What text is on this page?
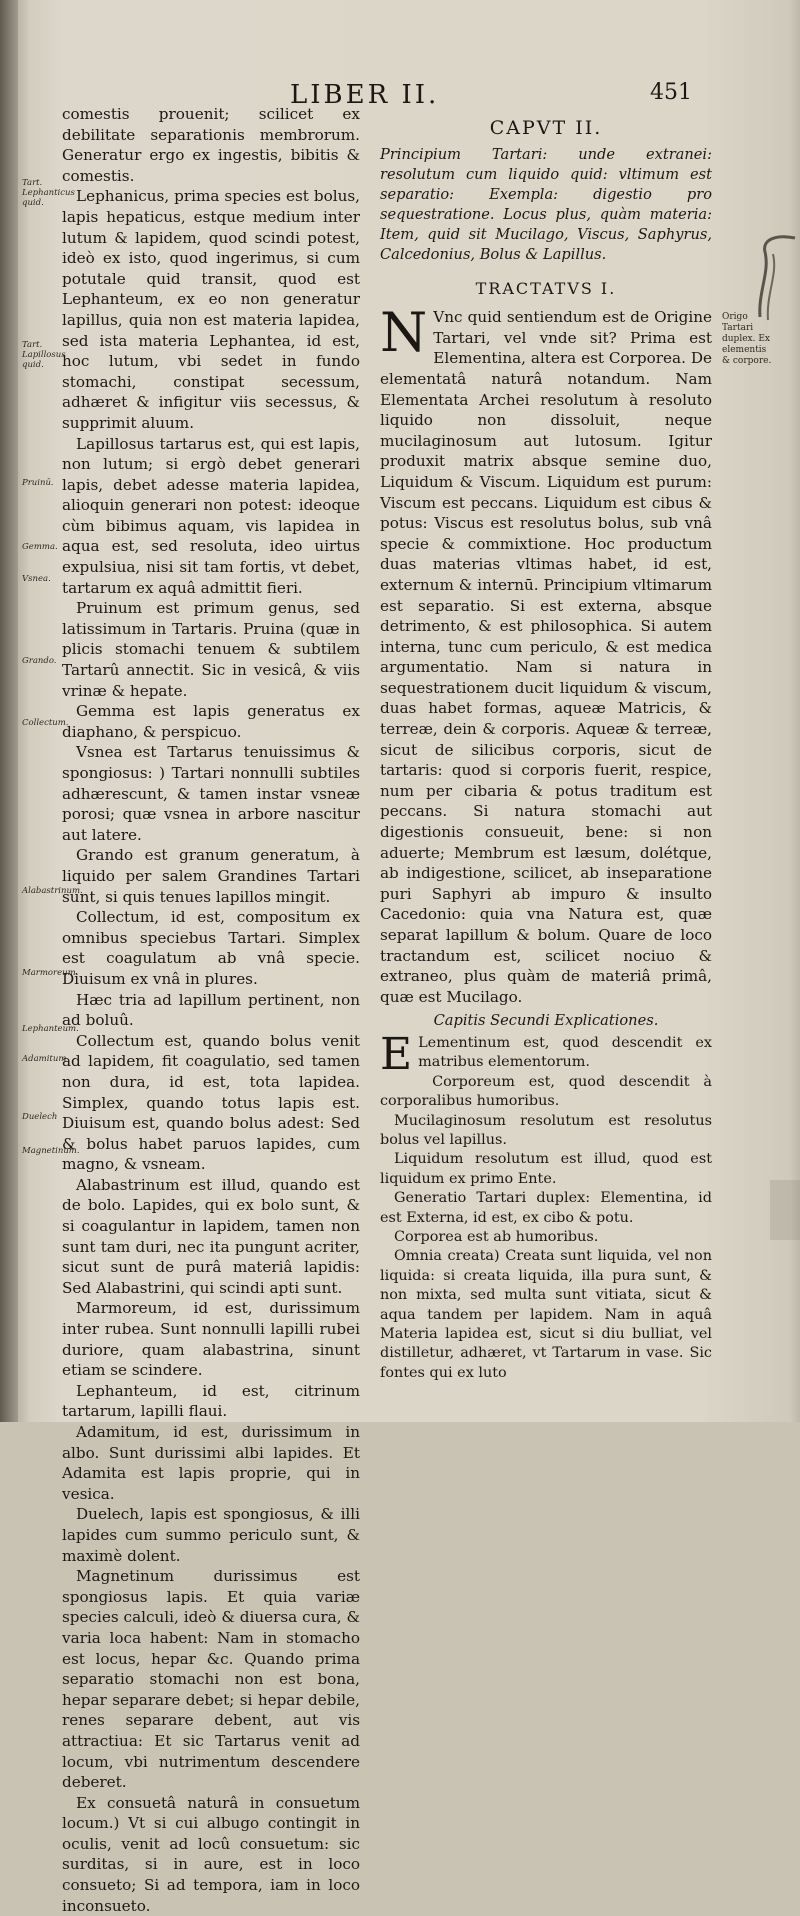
LIBER II.	451
Tart. Lephanticus quid.
Tart. Lapillosus quid.
Pruinū.
Gemma.
Vsnea.
Grando.
Collectum.
Alabastrinum.
Marmoreum.
Lephanteum.
Adamitum
Duelech
Magnetinum.

comestis prouenit; scilicet ex debilitate separationis membrorum. Generatur ergo ex ingestis, bibitis & comestis.

Lephanicus, prima species est bolus, lapis hepaticus, estque medium inter lutum & lapidem, quod scindi potest, ideò ex isto, quod ingerimus, si cum potutale quid transit, quod est Lephanteum, ex eo non generatur lapillus, quia non est materia lapidea, sed ista materia Lephantea, id est, hoc lutum, vbi sedet in fundo stomachi, constipat secessum, adhæret & infigitur viis secessus, & supprimit aluum.

Lapillosus tartarus est, qui est lapis, non lutum; si ergò debet generari lapis, debet adesse materia lapidea, alioquin generari non potest: ideoque cùm bibimus aquam, vis lapidea in aqua est, sed resoluta, ideo uirtus expulsiua, nisi sit tam fortis, vt debet, tartarum ex aquâ admittit fieri.

Pruinum est primum genus, sed latissimum in Tartaris. Pruina (quæ in plicis stomachi tenuem & subtilem Tartarû annectit. Sic in vesicâ, & viis vrinæ & hepate.

Gemma est lapis generatus ex diaphano, & perspicuo.

Vsnea est Tartarus tenuissimus & spongiosus: ) Tartari nonnulli subtiles adhærescunt, & tamen instar vsneæ porosi; quæ vsnea in arbore nascitur aut latere.

Grando est granum generatum, à liquido per salem Grandines Tartari sunt, si quis tenues lapillos mingit.

Collectum, id est, compositum ex omnibus speciebus Tartari. Simplex est coagulatum ab vnâ specie. Diuisum ex vnâ in plures.

Hæc tria ad lapillum pertinent, non ad boluû.

Collectum est, quando bolus venit ad lapidem, fit coagulatio, sed tamen non dura, id est, tota lapidea. Simplex, quando totus lapis est. Diuisum est, quando bolus adest: Sed & bolus habet paruos lapides, cum magno, & vsneam.

Alabastrinum est illud, quando est de bolo. Lapides, qui ex bolo sunt, & si coagulantur in lapidem, tamen non sunt tam duri, nec ita pungunt acriter, sicut sunt de purâ materiâ lapidis: Sed Alabastrini, qui scindi apti sunt.

Marmoreum, id est, durissimum inter rubea. Sunt nonnulli lapilli rubei duriore, quam alabastrina, sinunt etiam se scindere.

Lephanteum, id est, citrinum tartarum, lapilli flaui.

Adamitum, id est, durissimum in albo. Sunt durissimi albi lapides. Et Adamita est lapis proprie, qui in vesica.

Duelech, lapis est spongiosus, & illi lapides cum summo periculo sunt, & maximè dolent.

Magnetinum durissimus est spongiosus lapis. Et quia variæ species calculi, ideò & diuersa cura, & varia loca habent: Nam in stomacho est locus, hepar &c. Quando prima separatio stomachi non est bona, hepar separare debet; si hepar debile, renes separare debent, aut vis attractiua: Et sic Tartarus venit ad locum, vbi nutrimentum descendere deberet.

Ex consuetâ naturâ in consuetum locum.) Vt si cui albugo contingit in oculis, venit ad locû consuetum: sic surditas, si in aure, est in loco consueto; Si ad tempora, iam in loco inconsueto.

CAPVT II.
Principium Tartari: unde extranei: resolutum cum liquido quid: vltimum est separatio: Exempla: digestio pro sequestratione. Locus plus, quàm materia: Item, quid sit Mucilago, Viscus, Saphyrus, Calcedonius, Bolus & Lapillus.
TRACTATVS I.

N Vnc quid sentiendum est de Origine Tartari, vel vnde sit? Prima est Elementina, altera est Corporea. De elementatâ naturâ notandum. Nam Elementata Archei resolutum à resoluto liquido non dissoluit, neque mucilaginosum aut lutosum. Igitur produxit matrix absque semine duo, Liquidum & Viscum. Liquidum est purum: Viscum est peccans. Liquidum est cibus & potus: Viscus est resolutus bolus, sub vnâ specie & commixtione. Hoc productum duas materias vltimas habet, id est, externum & internū. Principium vltimarum est separatio. Si est externa, absque detrimento, & est philosophica. Si autem interna, tunc cum periculo, & est medica argumentatio. Nam si natura in sequestrationem ducit liquidum & viscum, duas habet formas, aqueæ Matricis, & terreæ, dein & corporis. Aqueæ & terreæ, sicut de silicibus corporis, sicut de tartaris: quod si corporis fuerit, respice, num per cibaria & potus traditum est peccans. Si natura stomachi aut digestionis consueuit, bene: si non aduerte; Membrum est læsum, dolétque, ab indigestione, scilicet, ab inseparatione puri Saphyri ab impuro & insulto Cacedonio: quia vna Natura est, quæ separat lapillum & bolum. Quare de loco tractandum est, scilicet nociuo & extraneo, plus quàm de materiâ primâ, quæ est Mucilago.

Capitis Secundi Explicationes.

E Lementinum est, quod descendit ex matribus elementorum.

Corporeum est, quod descendit à corporalibus humoribus.

Mucilaginosum resolutum est resolutus bolus vel lapillus.

Liquidum resolutum est illud, quod est liquidum ex primo Ente.

Generatio Tartari duplex: Elementina, id est Externa, id est, ex cibo & potu.

Corporea est ab humoribus.

Omnia creata) Creata sunt liquida, vel non liquida: si creata liquida, illa pura sunt, & non mixta, sed multa sunt vitiata, sicut & aqua tandem per lapidem. Nam in aquâ Materia lapidea est, sicut si diu bulliat, vel distilletur, adhæret, vt Tartarum in vase. Sic fontes qui ex luto

Origo Tartari duplex. Ex elementis & corpore.
